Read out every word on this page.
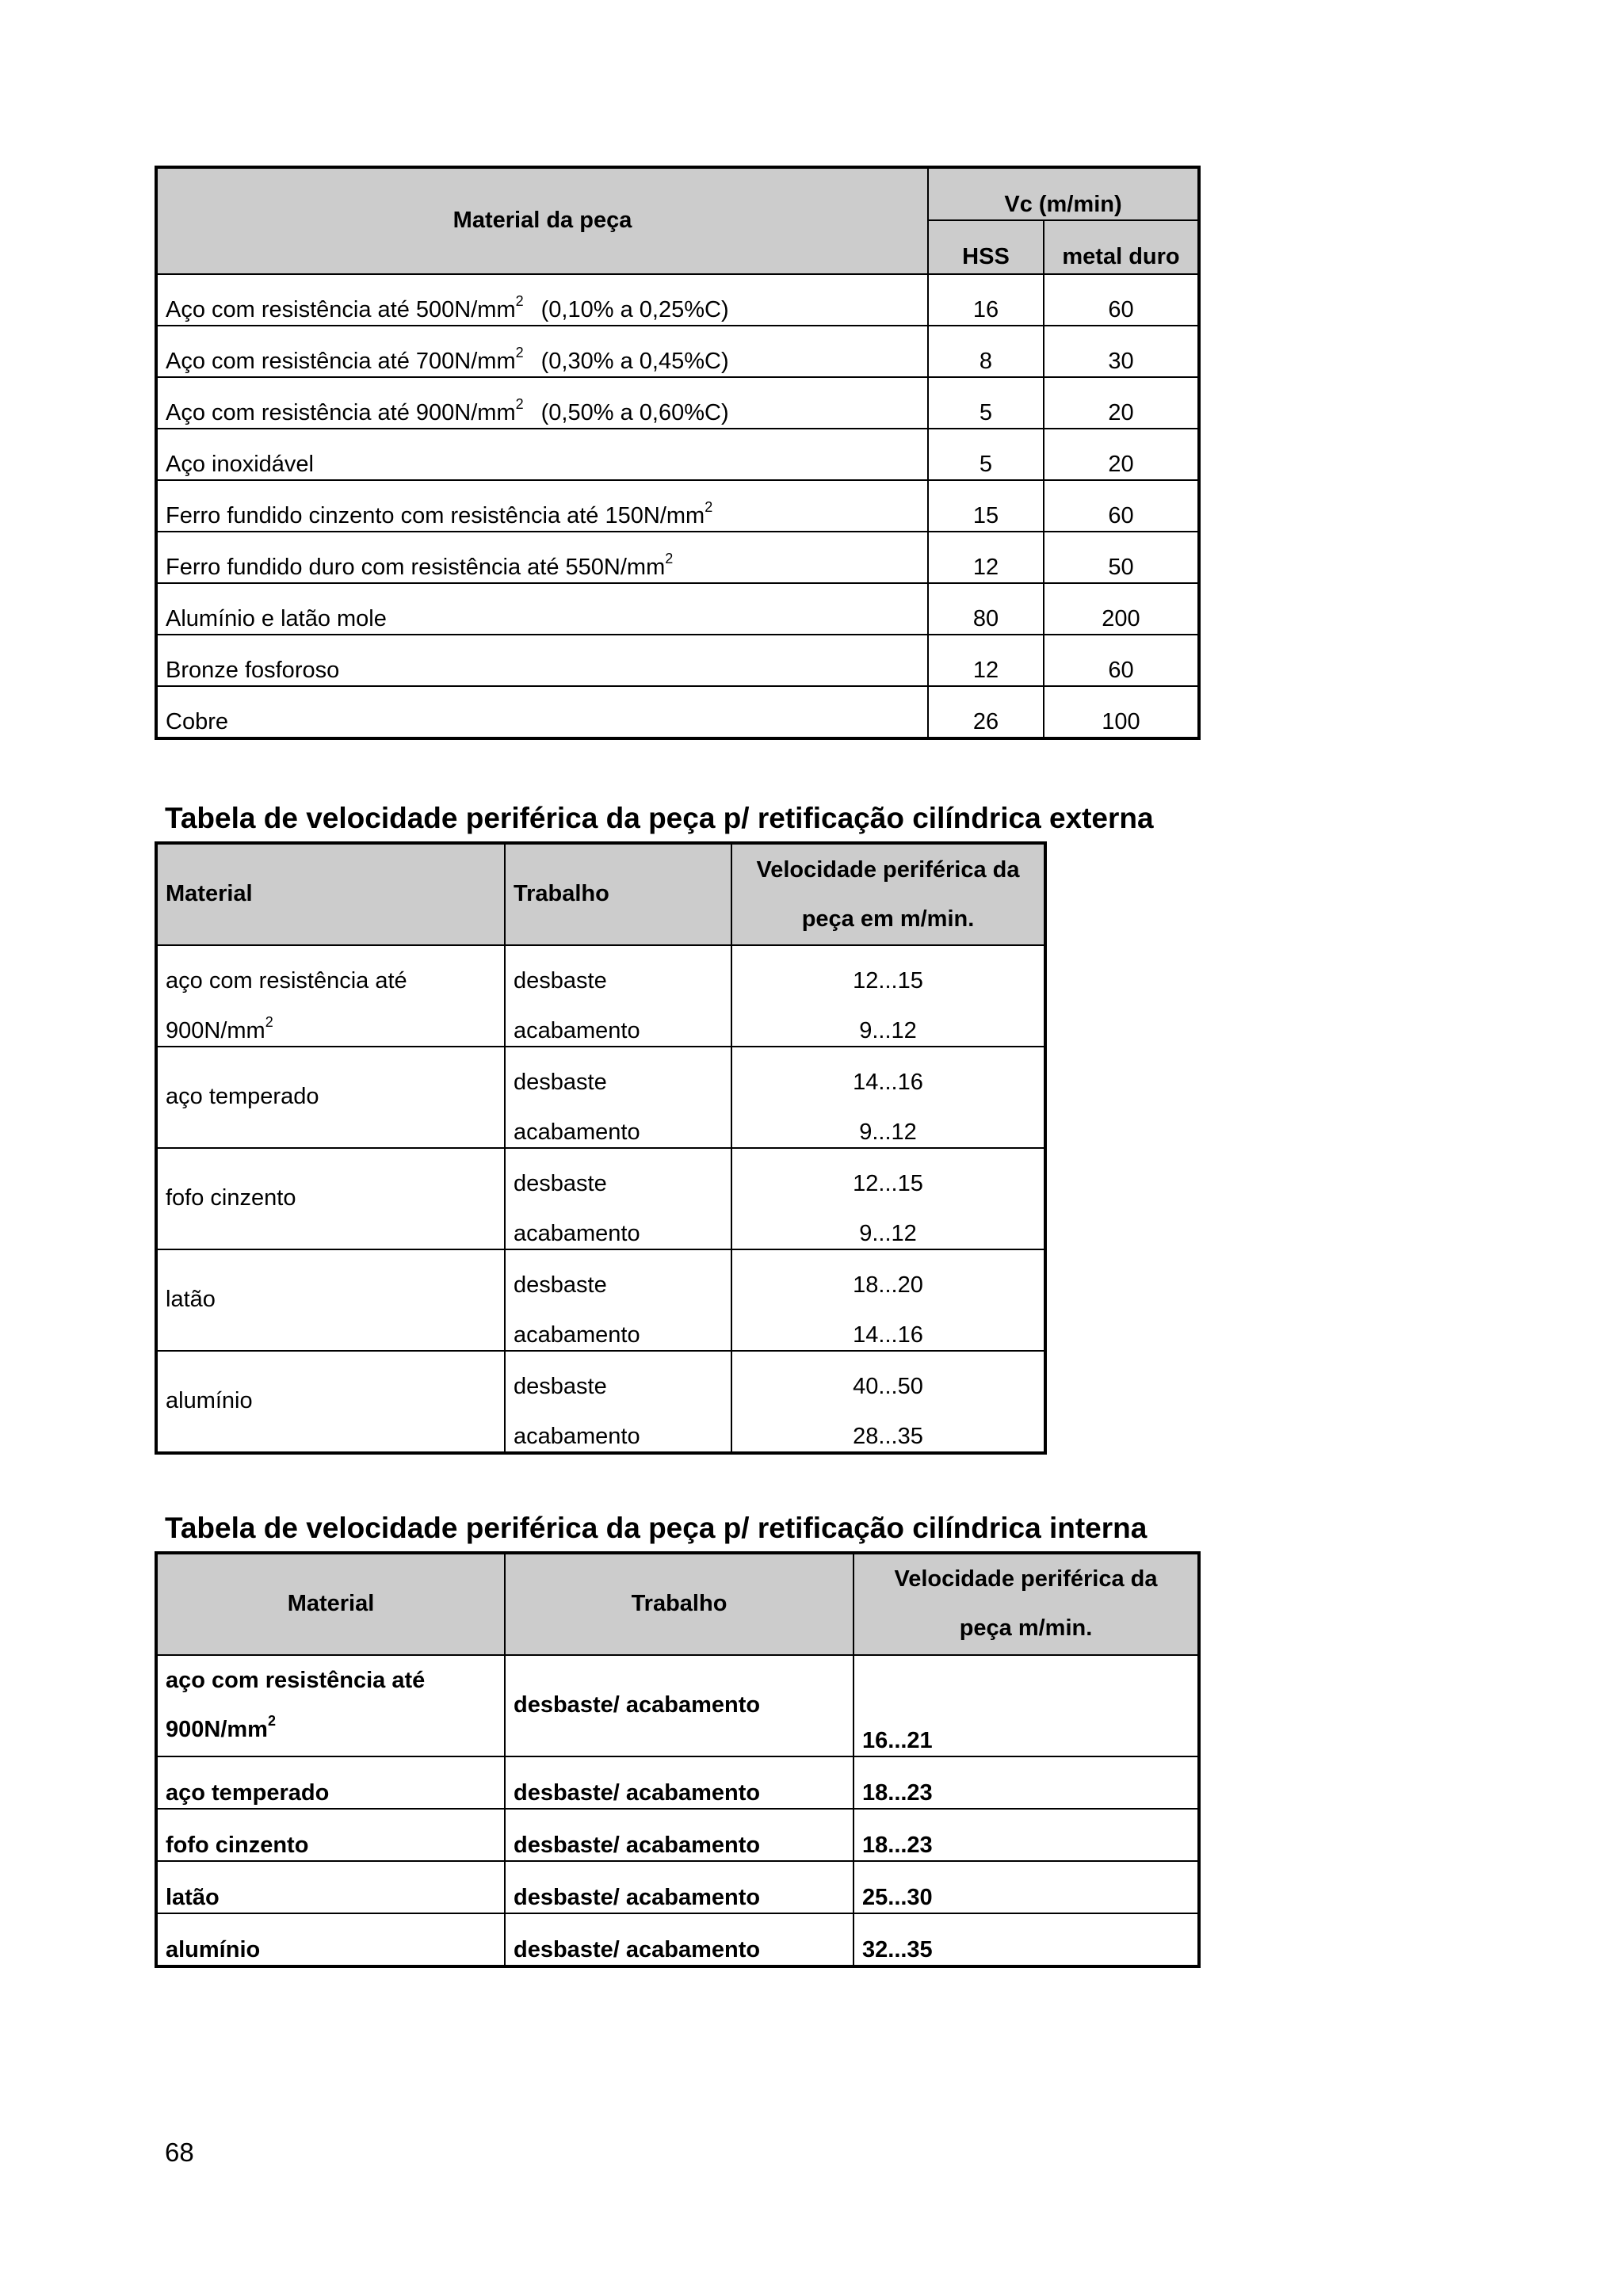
Material da peça	Vc (m/min)	
	HSS	metal duro
Aço com resistência até $500N/mm^2$ (0,10% a 0,25%C)	16	60
Aço com resistência até $700N/mm^2$ (0,30% a 0,45%C)	8	30
Aço com resistência até $900N/mm^2$ (0,50% a 0,60%C)	5	20
Aço inoxidável	5	20
Ferro fundido cinzento com resistência até $150N/mm^2$	15	60
Ferro fundido duro com resistência até $550N/mm^2$	12	50
Alumínio e latão mole	80	200
Bronze fosforoso	12	60
Cobre	26	100
Tabela de velocidade periférica da peça p/ retificação cilíndrica externa
Material	Trabalho	Velocidade periférica da
peça em m/min.
aço com resistência até	desbaste	12...15
$900N/mm^2$	acabamento	9...12
aço temperado	desbaste	14...16
	acabamento	9...12
fofo cinzento	desbaste	12...15
	acabamento	9...12
latão	desbaste	18...20
	acabamento	14...16
alumínio	desbaste	40...50
	acabamento	28...35
Tabela de velocidade periférica da peça p/ retificação cilíndrica interna
Material	Trabalho	Velocidade periférica da
peça m/min.
aço com resistência até
$900N/mm^2$	desbaste/ acabamento	16...21
aço temperado	desbaste/ acabamento	18...23
fofo cinzento	desbaste/ acabamento	18...23
latão	desbaste/ acabamento	25...30
alumínio	desbaste/ acabamento	32...35
68
